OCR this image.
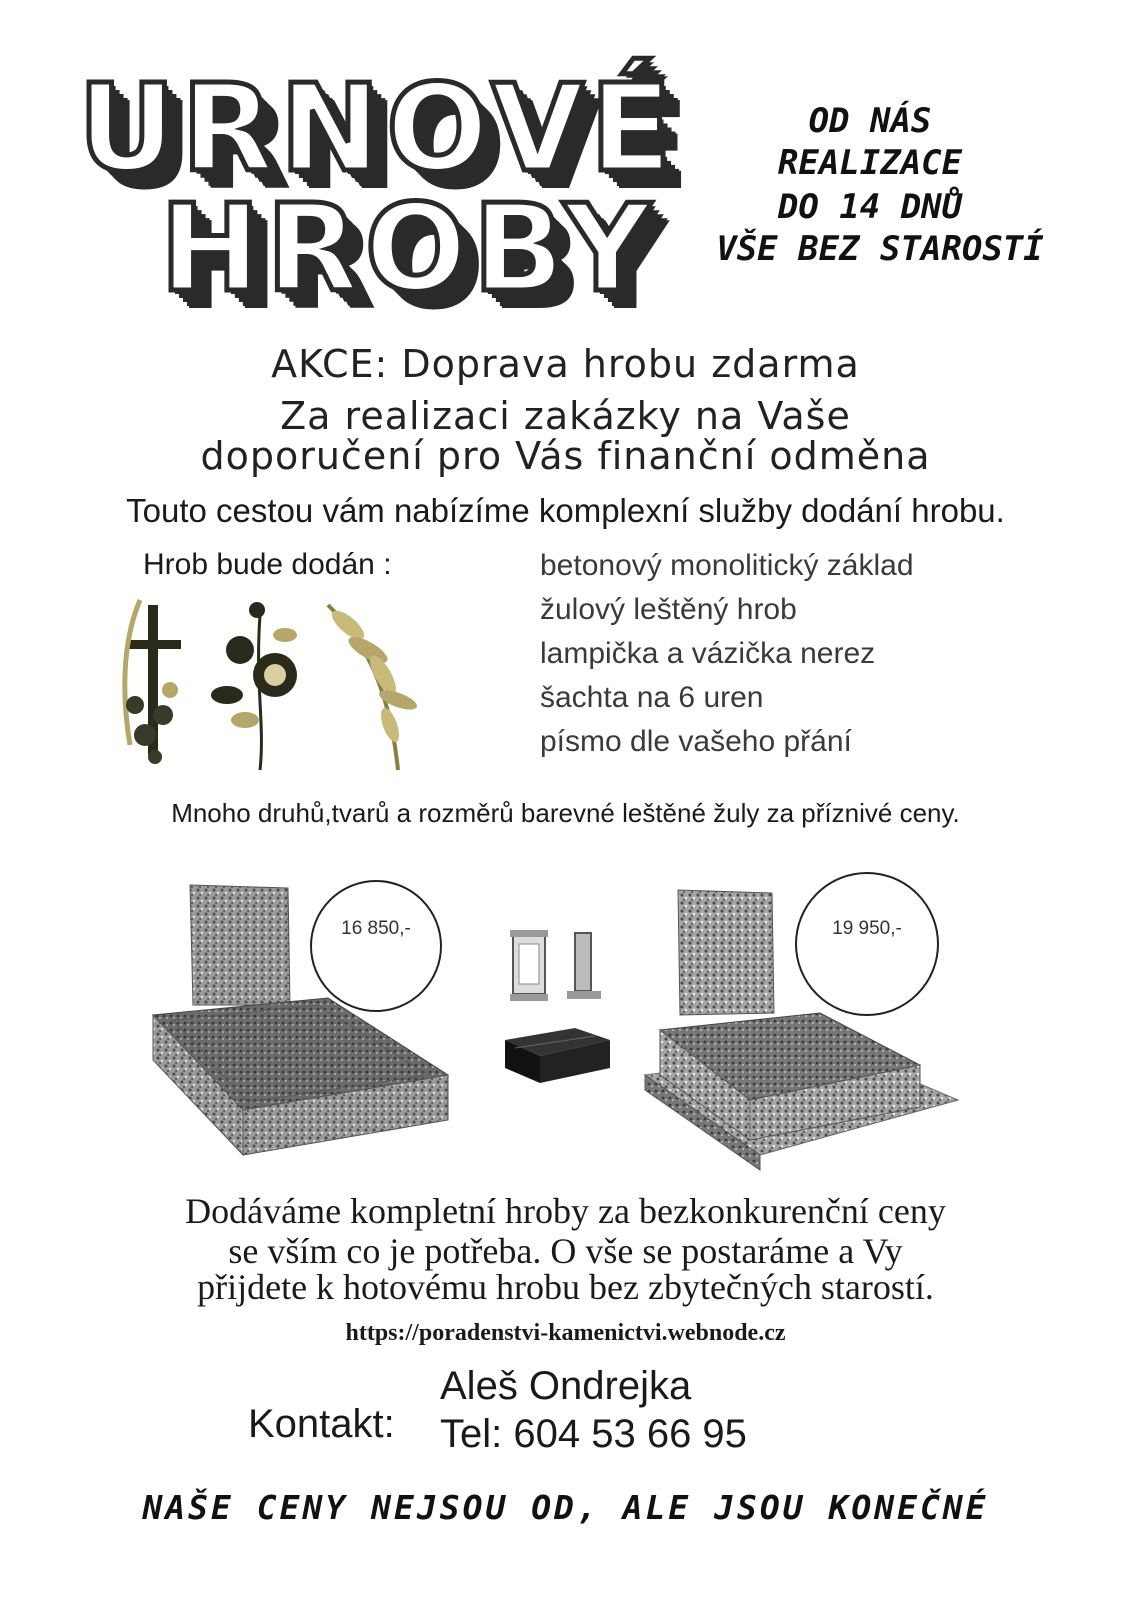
URNOVÉ
HROBY
OD NÁS
REALIZACE
DO 14 DNŮ
VŠE BEZ STAROSTÍ
AKCE: Doprava hrobu zdarma
Za realizaci zakázky na Vaše
doporučení pro Vás finanční odměna
Touto cestou vám nabízíme komplexní služby dodání hrobu.
Hrob bude dodán :	betonový monolitický základ
žulový leštěný hrob
lampička a vázička nerez
šachta na 6 uren
písmo dle vašeho přání
Mnoho druhů,tvarů a rozměrů barevné leštěné žuly za příznivé ceny.
16 850,-	19 950,-
Dodáváme kompletní hroby za bezkonkurenční ceny
se vším co je potřeba. O vše se postaráme a Vy
přijdete k hotovému hrobu bez zbytečných starostí.
https://poradenstvi-kamenictvi.webnode.cz
Kontakt:
Aleš Ondrejka
Tel: 604 53 66 95
NAŠE CENY NEJSOU OD, ALE JSOU KONEČNÉ
